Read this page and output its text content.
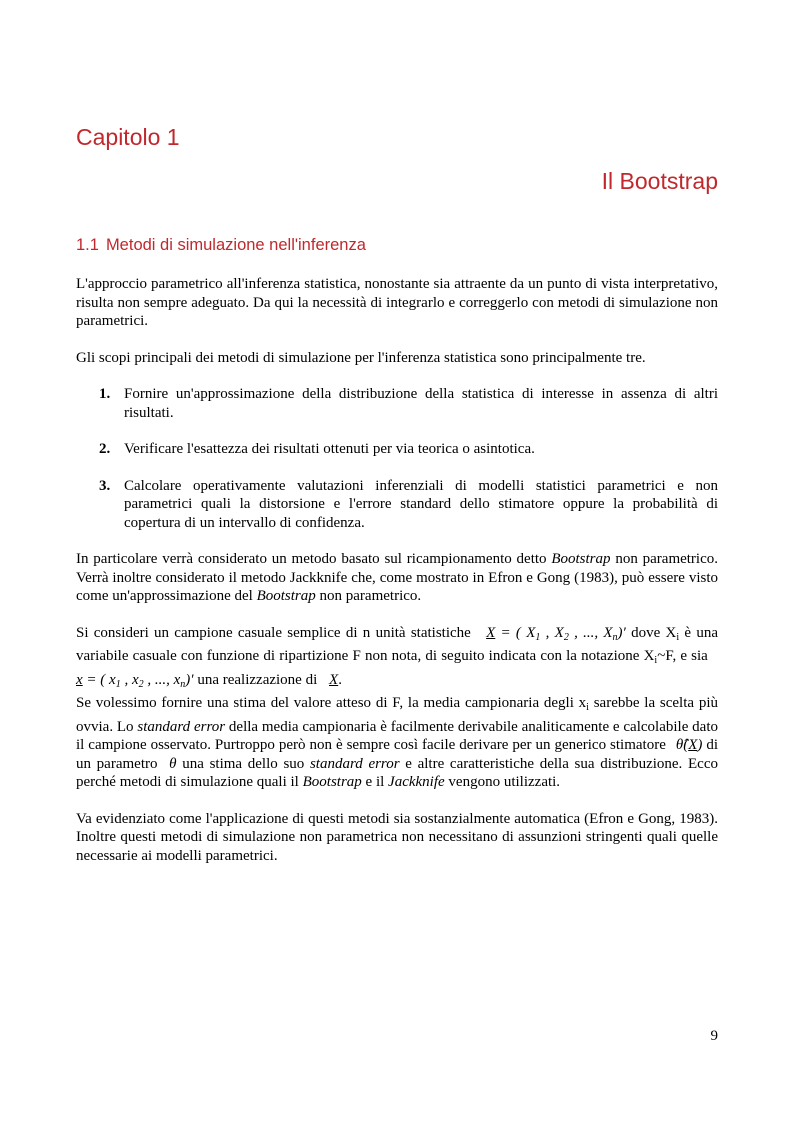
Capitolo 1
Il Bootstrap
1.1 Metodi di simulazione nell'inferenza

L'approccio parametrico all'inferenza statistica, nonostante sia attraente da un punto di vista interpretativo, risulta non sempre adeguato. Da qui la necessità di integrarlo e correggerlo con metodi di simulazione non parametrici.

Gli scopi principali dei metodi di simulazione per l'inferenza statistica sono principalmente tre.

1. Fornire un'approssimazione della distribuzione della statistica di interesse in assenza di altri risultati.
2. Verificare l'esattezza dei risultati ottenuti per via teorica o asintotica.
3. Calcolare operativamente valutazioni inferenziali di modelli statistici parametrici e non parametrici quali la distorsione e l'errore standard dello stimatore oppure la probabilità di copertura di un intervallo di confidenza.

In particolare verrà considerato un metodo basato sul ricampionamento detto Bootstrap non parametrico. Verrà inoltre considerato il metodo Jackknife che, come mostrato in Efron e Gong (1983), può essere visto come un'approssimazione del Bootstrap non parametrico.

Si consideri un campione casuale semplice di n unità statistiche X = ( $X_1$ , $X_2$ , ..., $X_n)'$ dove $X_i$ è una variabile casuale con funzione di ripartizione F non nota, di seguito indicata con la notazione $X_i\sim F$, e sia x = ( $x_1$ , $x_2$ , ..., $x_n)'$ una realizzazione di X.

Se volessimo fornire una stima del valore atteso di F, la media campionaria degli $x_i$ sarebbe la scelta più ovvia. Lo standard error della media campionaria è facilmente derivabile analiticamente e calcolabile dato il campione osservato. Purtroppo però non è sempre così facile derivare per un generico stimatore θ̂(X) di un parametro θ una stima dello suo standard error e altre caratteristiche della sua distribuzione. Ecco perché metodi di simulazione quali il Bootstrap e il Jackknife vengono utilizzati.

Va evidenziato come l'applicazione di questi metodi sia sostanzialmente automatica (Efron e Gong, 1983). Inoltre questi metodi di simulazione non parametrica non necessitano di assunzioni stringenti quali quelle necessarie ai modelli parametrici.

9
